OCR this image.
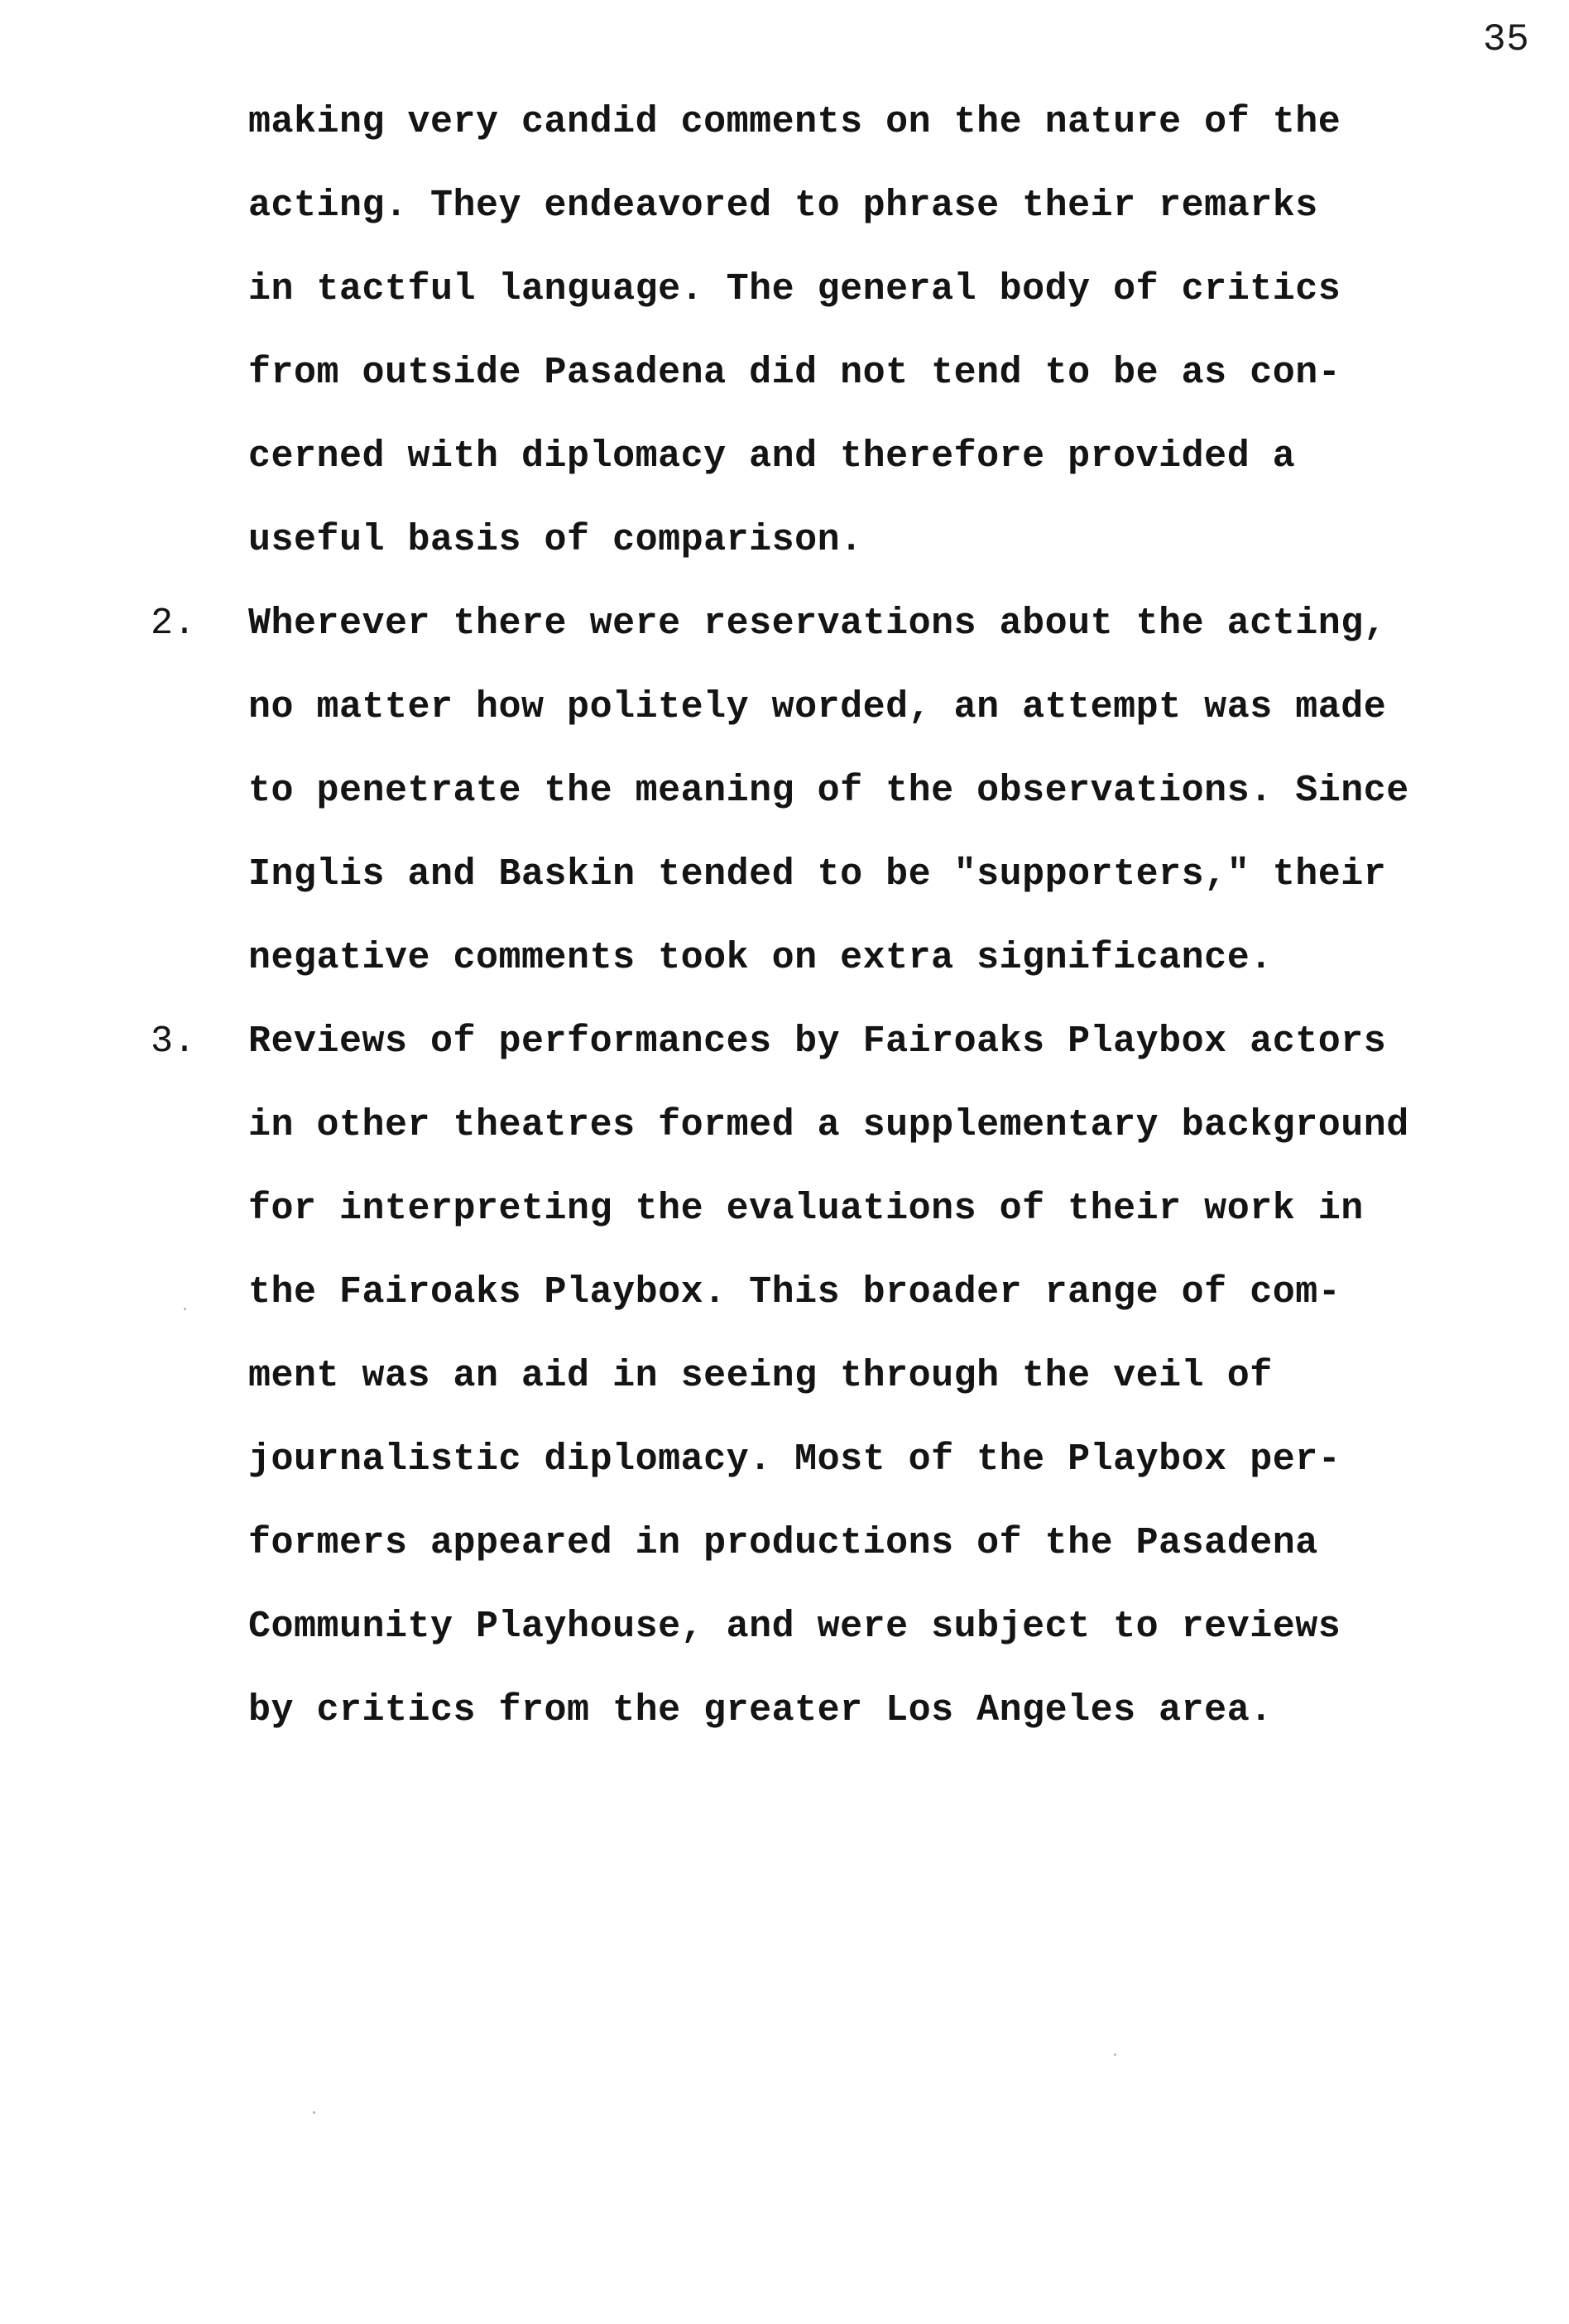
35
making very candid comments on the nature of the
acting. They endeavored to phrase their remarks
in tactful language. The general body of critics
from outside Pasadena did not tend to be as con-
cerned with diplomacy and therefore provided a
useful basis of comparison.
2. Wherever there were reservations about the acting,
no matter how politely worded, an attempt was made
to penetrate the meaning of the observations. Since
Inglis and Baskin tended to be "supporters," their
negative comments took on extra significance.
3. Reviews of performances by Fairoaks Playbox actors
in other theatres formed a supplementary background
for interpreting the evaluations of their work in
the Fairoaks Playbox. This broader range of com-
ment was an aid in seeing through the veil of
journalistic diplomacy. Most of the Playbox per-
formers appeared in productions of the Pasadena
Community Playhouse, and were subject to reviews
by critics from the greater Los Angeles area.
